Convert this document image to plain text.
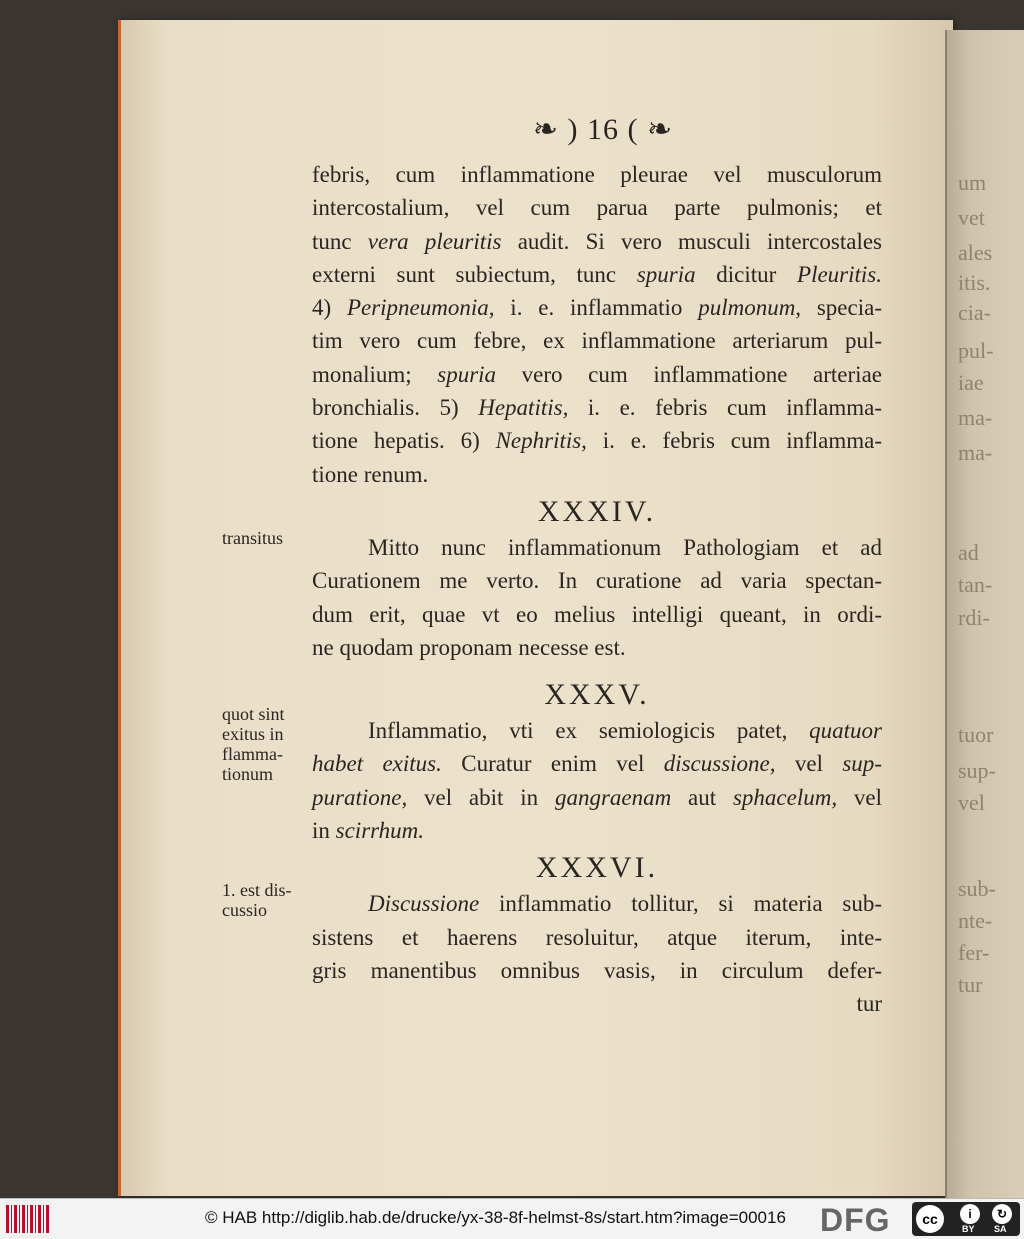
um
vet
ales
itis.
cia-
pul-
iae
ma-
ma-
ad
tan-
rdi-
tuor
sup-
vel
sub-
nte-
fer-
tur
❧ ) 16 ( ❧
febris, cum inflammatione pleurae vel musculorum
intercostalium, vel cum parua parte pulmonis; et
tunc vera pleuritis audit. Si vero musculi intercostales
externi sunt subiectum, tunc spuria dicitur Pleuritis.
4) Peripneumonia, i. e. inflammatio pulmonum, specia-
tim vero cum febre, ex inflammatione arteriarum pul-
monalium; spuria vero cum inflammatione arteriae
bronchialis. 5) Hepatitis, i. e. febris cum inflamma-
tione hepatis. 6) Nephritis, i. e. febris cum inflamma-
tione renum.
XXXIV.
Mitto nunc inflammationum Pathologiam et ad
Curationem me verto. In curatione ad varia spectan-
dum erit, quae vt eo melius intelligi queant, in ordi-
ne quodam proponam necesse est.
XXXV.
Inflammatio, vti ex semiologicis patet, quatuor
habet exitus. Curatur enim vel discussione, vel sup-
puratione, vel abit in gangraenam aut sphacelum, vel
in scirrhum.
XXXVI.
Discussione inflammatio tollitur, si materia sub-
sistens et haerens resoluitur, atque iterum, inte-
gris manentibus omnibus vasis, in circulum defer-
tur
transitus
quot sint exitus in flamma-tionum
1. est dis-cussio
© HAB http://diglib.hab.de/drucke/yx-38-8f-helmst-8s/start.htm?image=00016 DFG	cc	i	↻
BY SA
